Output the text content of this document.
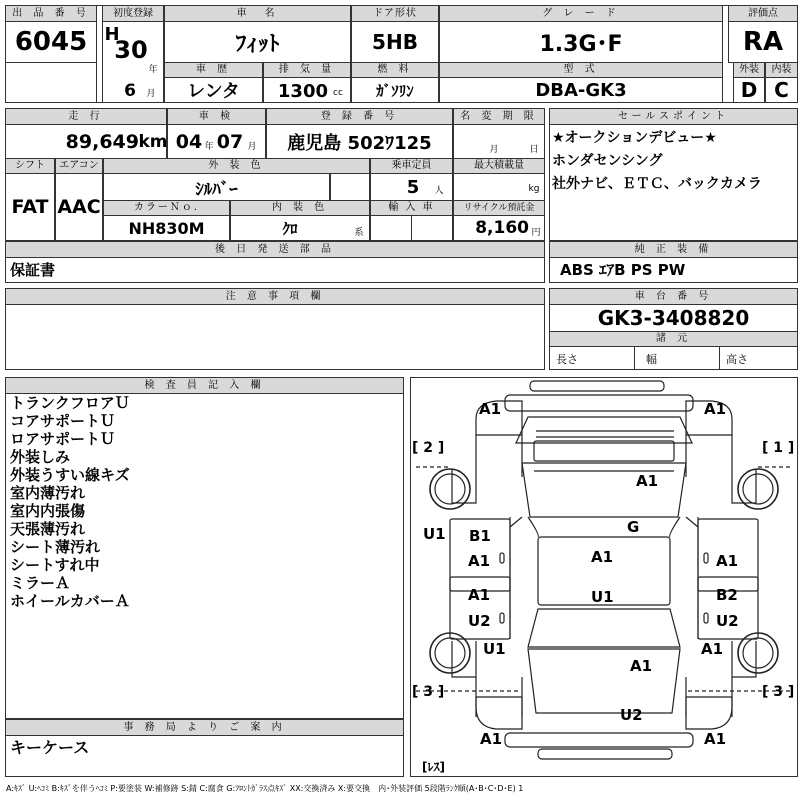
出 品 番 号
6045
初度登録
H
30
年
6	月
車　名
ﾌｨｯﾄ
ドア形状
5HB
グ レ ー ド
1.3G･F
評価点
RA
車 歴
レンタ
排 気 量
1300 cc
燃 料
ｶﾞｿﾘﾝ
型 式
DBA-GK3
外装	内装
D C
走 行
89,649 km
車 検
04 年 07 月
登 録 番 号
鹿児島 502ﾜ125
名 変 期 限
月	日
シフト	エアコン
FAT AAC
外 装 色
ｼﾙﾊﾞｰ
乗車定員
5	人
最大積載量
kg
カラーＮｏ.	内 装 色	輸 入 車	リサイクル預託金
NH830M	ｸﾛ	系	8,160 円
セールスポイント
★オークションデビュー★
ホンダセンシング
社外ナビ、ＥＴＣ、バックカメラ
後 日 発 送 部 品
保証書
純 正 装 備
ABS ｴｱB PS PW
注 意 事 項 欄	車 台 番 号
GK3-3408820
諸 元
長さ	幅	高さ
検 査 員 記 入 欄
トランクフロアＵ
コアサポートＵ
ロアサポートＵ
外装しみ
外装うすい線キズ
室内薄汚れ
室内内張傷
天張薄汚れ
シート薄汚れ
シートすれ中
ミラーＡ
ホイールカバーＡ
事 務 局 よ り ご 案 内
キーケース
[ 2 ]	[ 1 ]
[ 3 ]	[ 3 ]
[ﾚｽ]
A1	A1
A1
G
U1 B1
A1	A1	A1
A1	B2
U1
U2	U2
U1	A1
A1
U2
A1	A1
A:ｷｽﾞ U:ﾍｺﾐ B:ｷｽﾞを伴うﾍｺﾐ P:要塗装 W:補修跡 S:錆 C:腐食 G:ﾌﾛﾝﾄｶﾞﾗｽ点ｷｽﾞ XX:交換済み X:要交換　内･外装評価 5段階ﾗﾝｸ順(A･B･C･D･E) 1
